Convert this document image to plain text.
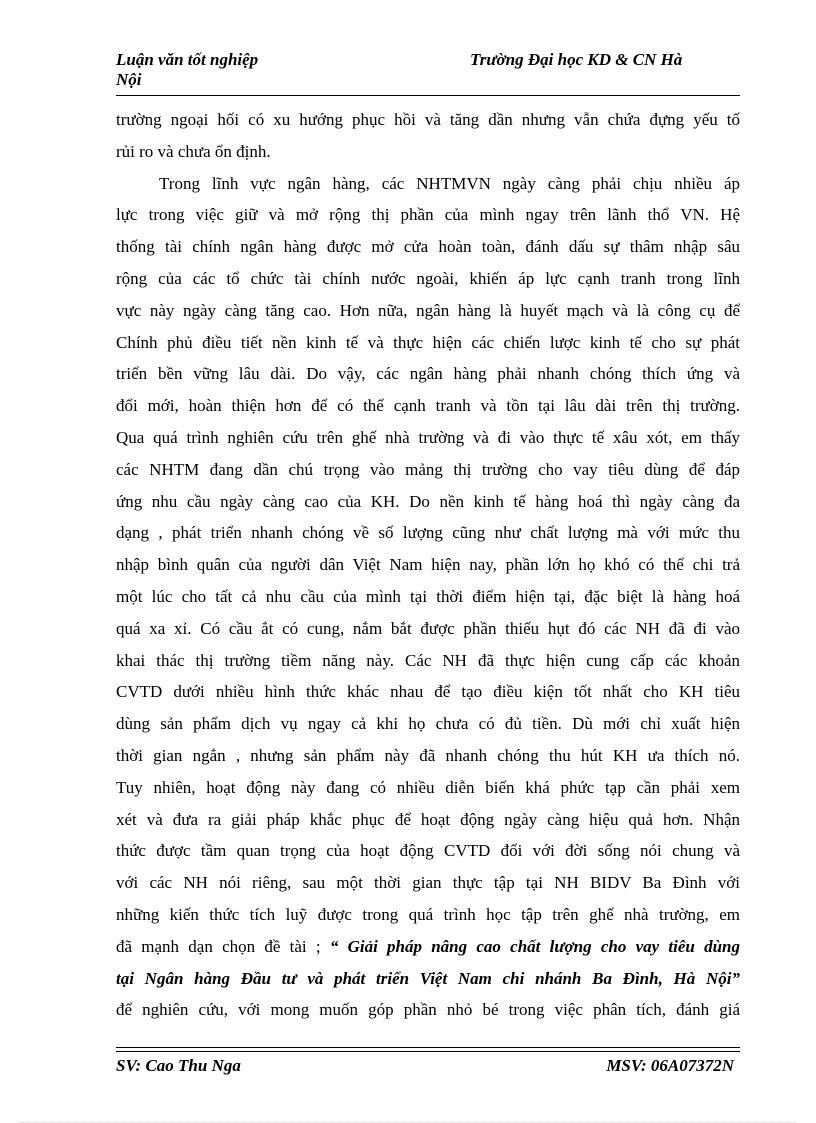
Luận văn tốt nghiệp	Trường Đại học KD & CN Hà
Nội
trường ngoại hối có xu hướng phục hồi và tăng dần nhưng vẫn chứa đựng yếu tố
rủi ro và chưa ổn định.
Trong lĩnh vực ngân hàng, các NHTMVN ngày càng phải chịu nhiều áp
lực trong việc giữ và mở rộng thị phần của mình ngay trên lãnh thổ VN. Hệ
thống tài chính ngân hàng được mở cửa hoàn toàn, đánh dấu sự thâm nhập sâu
rộng của các tổ chức tài chính nước ngoài, khiến áp lực cạnh tranh trong lĩnh
vực này ngày càng tăng cao. Hơn nữa, ngân hàng là huyết mạch và là công cụ để
Chính phủ điều tiết nền kinh tế và thực hiện các chiến lược kinh tế cho sự phát
triển bền vững lâu dài. Do vậy, các ngân hàng phải nhanh chóng thích ứng và
đổi mới, hoàn thiện hơn để có thể cạnh tranh và tồn tại lâu dài trên thị trường.
Qua quá trình nghiên cứu trên ghế nhà trường và đi vào thực tế xâu xót, em thấy
các NHTM đang dần chú trọng vào mảng thị trường cho vay tiêu dùng để đáp
ứng nhu cầu ngày càng cao của KH. Do nền kinh tế hàng hoá thì ngày càng đa
dạng , phát triển nhanh chóng về số lượng cũng như chất lượng mà với mức thu
nhập bình quân của người dân Việt Nam hiện nay, phần lớn họ khó có thể chi trả
một lúc cho tất cả nhu cầu của mình tại thời điểm hiện tại, đặc biệt là hàng hoá
quá xa xỉ. Có cầu ắt có cung, nắm bắt được phần thiếu hụt đó các NH đã đi vào
khai thác thị trường tiềm năng này. Các NH đã thực hiện cung cấp các khoản
CVTD dưới nhiều hình thức khác nhau để tạo điều kiện tốt nhất cho KH tiêu
dùng sản phẩm dịch vụ ngay cả khi họ chưa có đủ tiền. Dù mới chỉ xuất hiện
thời gian ngắn , nhưng sản phẩm này đã nhanh chóng thu hút KH ưa thích nó.
Tuy nhiên, hoạt động này đang có nhiều diễn biến khá phức tạp cần phải xem
xét và đưa ra giải pháp khắc phục để hoạt động ngày càng hiệu quả hơn. Nhận
thức được tầm quan trọng của hoạt động CVTD đối với đời sống nói chung và
với các NH nói riêng, sau một thời gian thực tập tại NH BIDV Ba Đình với
những kiến thức tích luỹ được trong quá trình học tập trên ghế nhà trường, em
đã mạnh dạn chọn đề tài ; “ Giải pháp nâng cao chất lượng cho vay tiêu dùng
tại Ngân hàng Đầu tư và phát triển Việt Nam chi nhánh Ba Đình, Hà Nội”
để nghiên cứu, với mong muốn góp phần nhỏ bé trong việc phân tích, đánh giá
SV: Cao Thu Nga	MSV: 06A07372N
